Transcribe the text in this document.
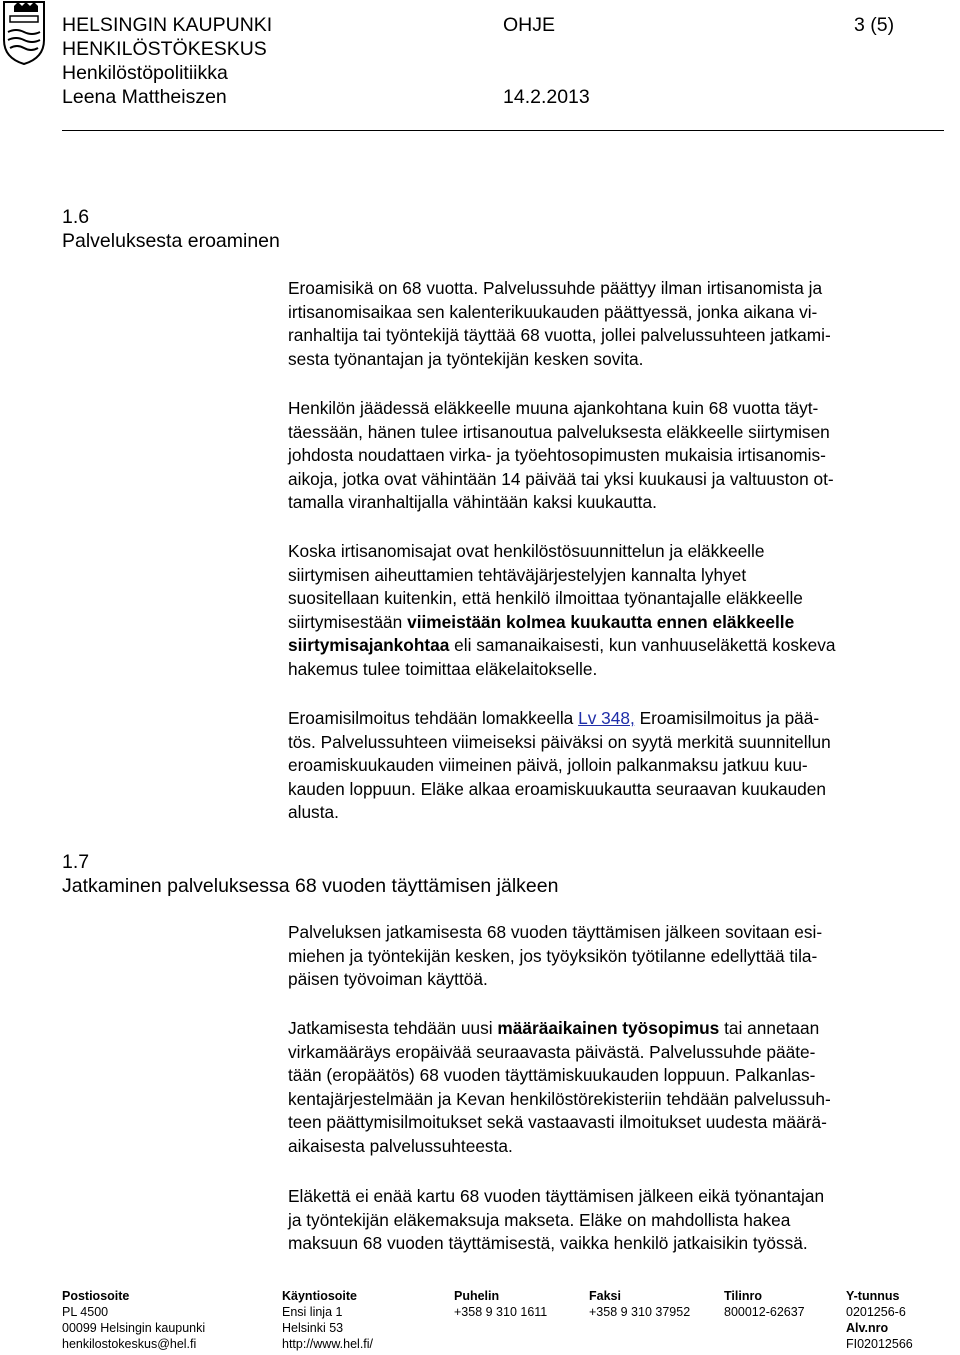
HELSINGIN KAUPUNKI
HENKILÖSTÖKESKUS
Henkilöstöpolitiikka
Leena Mattheiszen
OHJE	3 (5)
14.2.2013
1.6
Palveluksesta eroaminen
Eroamisikä on 68 vuotta. Palvelussuhde päättyy ilman irtisanomista ja
irtisanomisaikaa sen kalenterikuukauden päättyessä, jonka aikana vi-
ranhaltija tai työntekijä täyttää 68 vuotta, jollei palvelussuhteen jatkami-
sesta työnantajan ja työntekijän kesken sovita.
Henkilön jäädessä eläkkeelle muuna ajankohtana kuin 68 vuotta täyt-
täessään, hänen tulee irtisanoutua palveluksesta eläkkeelle siirtymisen
johdosta noudattaen virka- ja työehtosopimusten mukaisia irtisanomis-
aikoja, jotka ovat vähintään 14 päivää tai yksi kuukausi ja valtuuston ot-
tamalla viranhaltijalla vähintään kaksi kuukautta.
Koska irtisanomisajat ovat henkilöstösuunnittelun ja eläkkeelle
siirtymisen aiheuttamien tehtäväjärjestelyjen kannalta lyhyet
suositellaan kuitenkin, että henkilö ilmoittaa työnantajalle eläkkeelle
siirtymisestään viimeistään kolmea kuukautta ennen eläkkeelle
siirtymisajankohtaa eli samanaikaisesti, kun vanhuuseläkettä koskeva
hakemus tulee toimittaa eläkelaitokselle.
Eroamisilmoitus tehdään lomakkeella Lv 348, Eroamisilmoitus ja pää-
tös. Palvelussuhteen viimeiseksi päiväksi on syytä merkitä suunnitellun
eroamiskuukauden viimeinen päivä, jolloin palkanmaksu jatkuu kuu-
kauden loppuun. Eläke alkaa eroamiskuukautta seuraavan kuukauden
alusta.
1.7
Jatkaminen palveluksessa 68 vuoden täyttämisen jälkeen
Palveluksen jatkamisesta 68 vuoden täyttämisen jälkeen sovitaan esi-
miehen ja työntekijän kesken, jos työyksikön työtilanne edellyttää tila-
päisen työvoiman käyttöä.
Jatkamisesta tehdään uusi määräaikainen työsopimus tai annetaan
virkamääräys eropäivää seuraavasta päivästä. Palvelussuhde pääte-
tään (eropäätös) 68 vuoden täyttämiskuukauden loppuun. Palkanlas-
kentajärjestelmään ja Kevan henkilöstörekisteriin tehdään palvelussuh-
teen päättymisilmoitukset sekä vastaavasti ilmoitukset uudesta määrä-
aikaisesta palvelussuhteesta.
Eläkettä ei enää kartu 68 vuoden täyttämisen jälkeen eikä työnantajan
ja työntekijän eläkemaksuja makseta. Eläke on mahdollista hakea
maksuun 68 vuoden täyttämisestä, vaikka henkilö jatkaisikin työssä.
Postiosoite
PL 4500
00099 Helsingin kaupunki
henkilostokeskus@hel.fi
Käyntiosoite
Ensi linja 1
Helsinki 53
http://www.hel.fi/
Puhelin
+358 9 310 1611
Faksi
+358 9 310 37952
Tilinro
800012-62637
Y-tunnus
0201256-6
Alv.nro
FI02012566
